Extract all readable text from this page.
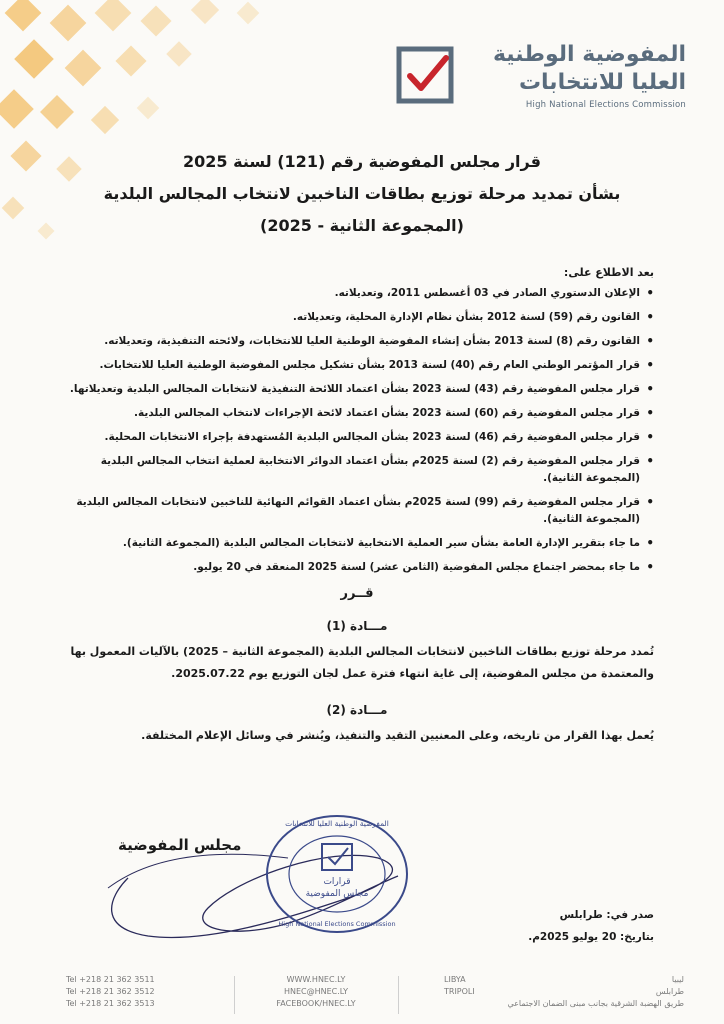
المفوضية الوطنية
العليا للانتخابات
High National Elections Commission
قرار مجلس المفوضية رقم (121) لسنة 2025
بشأن تمديد مرحلة توزيع بطاقات الناخبين لانتخاب المجالس البلدية
(المجموعة الثانية - 2025)
بعد الاطلاع على:
• الإعلان الدستوري الصادر في 03 أغسطس 2011، وتعديلاته.
• القانون رقم (59) لسنة 2012 بشأن نظام الإدارة المحلية، وتعديلاته.
• القانون رقم (8) لسنة 2013 بشأن إنشاء المفوضية الوطنية العليا للانتخابات، ولائحته التنفيذية، وتعديلاته.
• قرار المؤتمر الوطني العام رقم (40) لسنة 2013 بشأن تشكيل مجلس المفوضية الوطنية العليا للانتخابات.
• قرار مجلس المفوضية رقم (43) لسنة 2023 بشأن اعتماد اللائحة التنفيذية لانتخابات المجالس البلدية وتعديلاتها.
• قرار مجلس المفوضية رقم (60) لسنة 2023 بشأن اعتماد لائحة الإجراءات لانتخاب المجالس البلدية.
• قرار مجلس المفوضية رقم (46) لسنة 2023 بشأن المجالس البلدية المُستهدفة بإجراء الانتخابات المحلية.
• قرار مجلس المفوضية رقم (2) لسنة 2025م بشأن اعتماد الدوائر الانتخابية لعملية انتخاب المجالس البلدية (المجموعة الثانية).
• قرار مجلس المفوضية رقم (99) لسنة 2025م بشأن اعتماد القوائم النهائية للناخبين لانتخابات المجالس البلدية (المجموعة الثانية).
• ما جاء بتقرير الإدارة العامة بشأن سير العملية الانتخابية لانتخابات المجالس البلدية (المجموعة الثانية).
• ما جاء بمحضر اجتماع مجلس المفوضية (الثامن عشر) لسنة 2025 المنعقد في 20 يوليو.
قــرر
مـــادة (1)
تُمدد مرحلة توزيع بطاقات الناخبين لانتخابات المجالس البلدية (المجموعة الثانية – 2025) بالآليات المعمول بها والمعتمدة من مجلس المفوضية، إلى غاية انتهاء فترة عمل لجان التوزيع يوم 2025.07.22.
مـــادة (2)
يُعمل بهذا القرار من تاريخه، وعلى المعنيين التقيد والتنفيذ، ويُنشر في وسائل الإعلام المختلفة.
مجلس المفوضية
قرارات
مجلس المفوضية
المفوضية الوطنية العليا للانتخابات
High National Elections Commission
صدر في: طرابلس
بتاريخ: 20 يوليو 2025م.
Tel +218 21 362 3511
Tel +218 21 362 3512
Tel +218 21 362 3513
WWW.HNEC.LY
HNEC@HNEC.LY
FACEBOOK/HNEC.LY
LIBYA
TRIPOLI
ليبيا
طرابلس
طريق الهضبة الشرقية بجانب مبنى الضمان الاجتماعي
